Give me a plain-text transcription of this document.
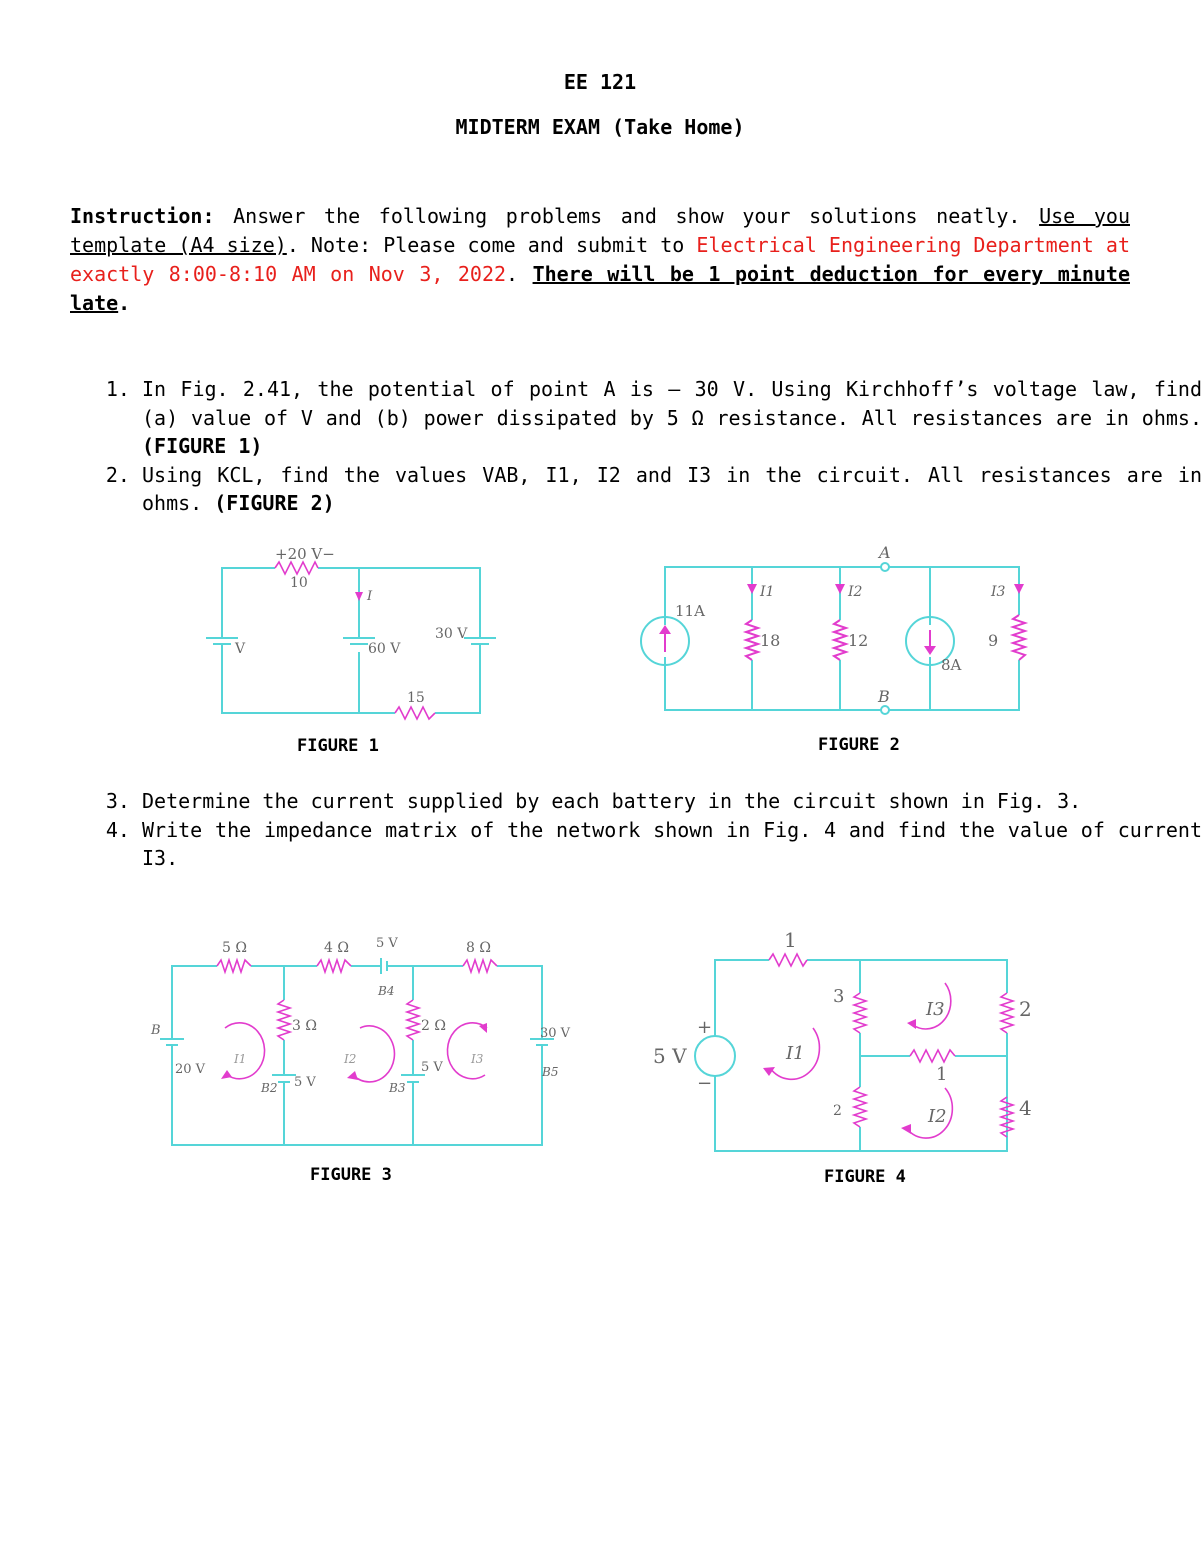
EE 121
MIDTERM EXAM (Take Home)
Instruction: Answer the following problems and show your solutions neatly. Use you template (A4 size). Note: Please come and submit to Electrical Engineering Department at exactly 8:00-8:10 AM on Nov 3, 2022. There will be 1 point deduction for every minute late.
1. In Fig. 2.41, the potential of point A is – 30 V. Using Kirchhoff’s voltage law, find (a) value of V and (b) power dissipated by 5 Ω resistance. All resistances are in ohms. (FIGURE 1)
2. Using KCL, find the values VAB, I1, I2 and I3 in the circuit. All resistances are in ohms. (FIGURE 2)
+20 V−
10
I
V	60 V
30 V
15
FIGURE 1
A
B
11A
I1	I2	I3
18	12
8A
9
FIGURE 2
3. Determine the current supplied by each battery in the circuit shown in Fig. 3.
4. Write the impedance matrix of the network shown in Fig. 4 and find the value of current I3.
5 Ω	4 Ω 5 V	8 Ω
B4
B	3 Ω	2 Ω	30 V
20 V
I1	I2	I3
5 V
5 V
B2	B3
B5
FIGURE 3
1
3
2
5 V
+
−
I1
I3
1
I2
2
4
FIGURE 4
